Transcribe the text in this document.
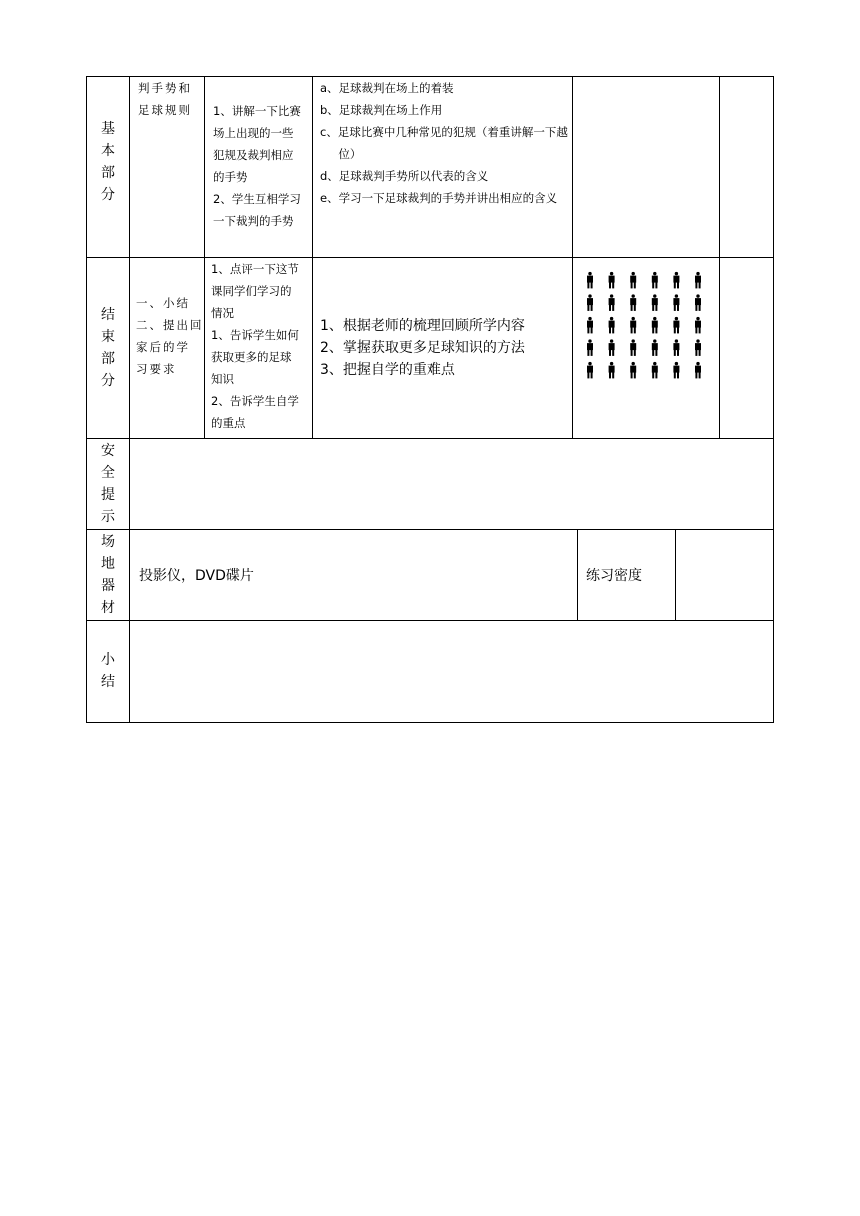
基
本
部
分
判手势和
足球规则	1、讲解一下比赛
场上出现的一些
犯规及裁判相应
的手势
2、学生互相学习
一下裁判的手势
a、足球裁判在场上的着装
b、足球裁判在场上作用
c、足球比赛中几种常见的犯规（着重讲解一下越位）
d、足球裁判手势所以代表的含义
e、学习一下足球裁判的手势并讲出相应的含义
结
束
部
分
一、小结
二、提出回
家后的学
习要求
1、点评一下这节
课同学们学习的
情况
1、告诉学生如何
获取更多的足球
知识
2、告诉学生自学
的重点
1、根据老师的梳理回顾所学内容
2、掌握获取更多足球知识的方法
3、把握自学的重难点
安
全
提
示
场
地
器
材
投影仪，DVD碟片	练习密度
小
结
